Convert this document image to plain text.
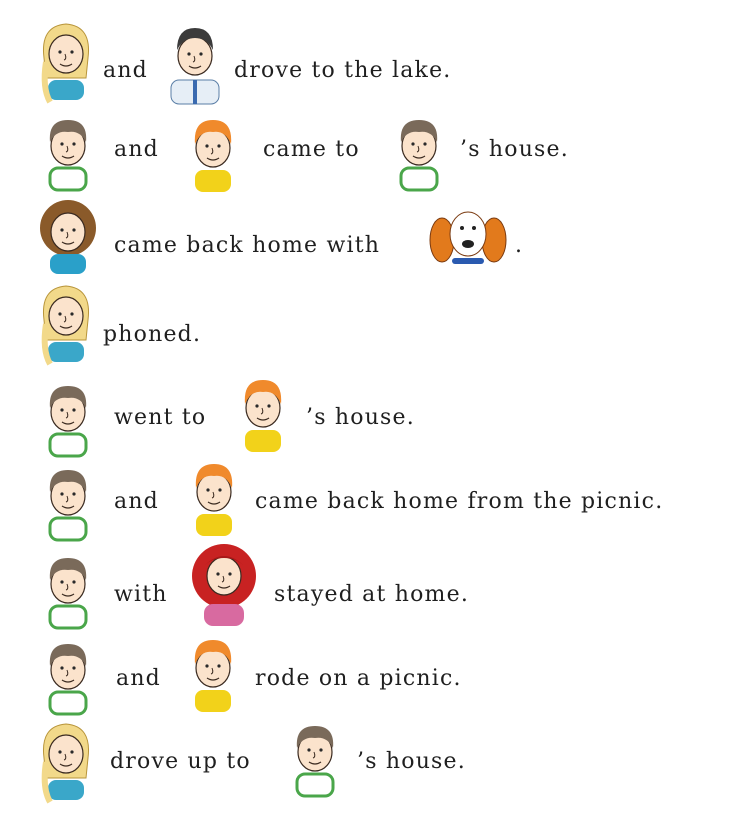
and	drove to the lake.
and	came to	’s house.
came back home with	.
phoned.
went to	’s house.
and	came back home from the picnic.
with	stayed at home.
and	rode on a picnic.
drove up to	’s house.
